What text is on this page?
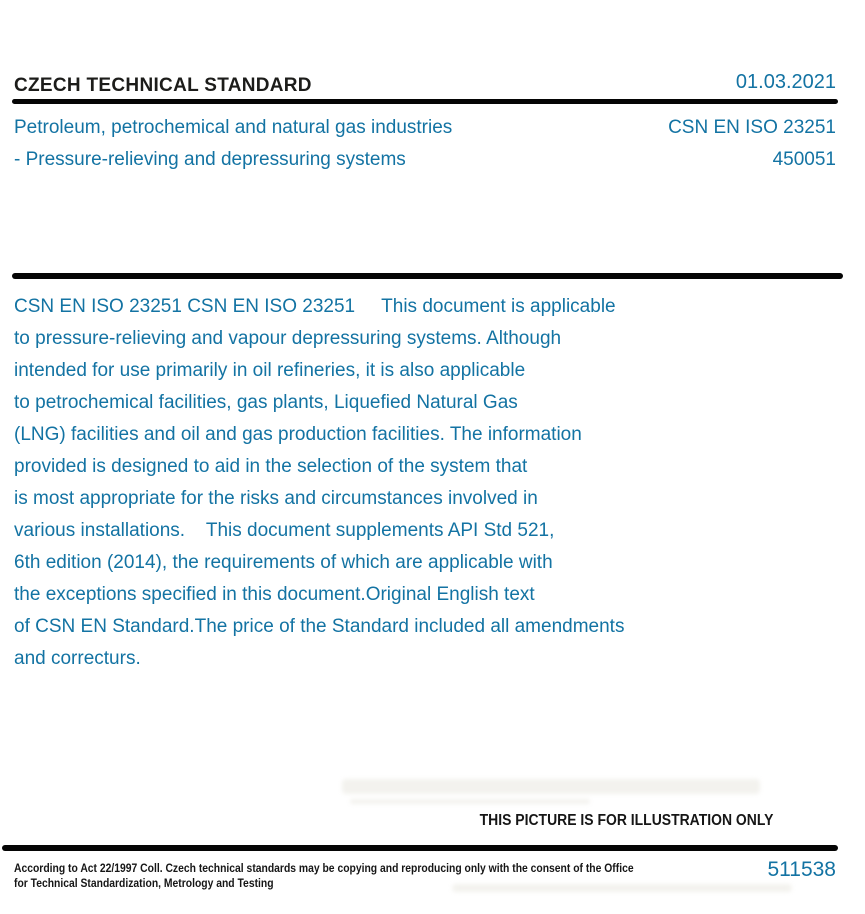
CZECH TECHNICAL STANDARD	01.03.2021
Petroleum, petrochemical and natural gas industries
- Pressure-relieving and depressuring systems
CSN EN ISO 23251
450051
CSN EN ISO 23251 CSN EN ISO 23251     This document is applicable
to pressure-relieving and vapour depressuring systems. Although
intended for use primarily in oil refineries, it is also applicable
to petrochemical facilities, gas plants, Liquefied Natural Gas
(LNG) facilities and oil and gas production facilities. The information
provided is designed to aid in the selection of the system that
is most appropriate for the risks and circumstances involved in
various installations.    This document supplements API Std 521,
6th edition (2014), the requirements of which are applicable with
the exceptions specified in this document.Original English text
of CSN EN Standard.The price of the Standard included all amendments
and correcturs.
THIS PICTURE IS FOR ILLUSTRATION ONLY
According to Act 22/1997 Coll. Czech technical standards may be copying and reproducing only with the consent of the Office
for Technical Standardization, Metrology and Testing
511538
